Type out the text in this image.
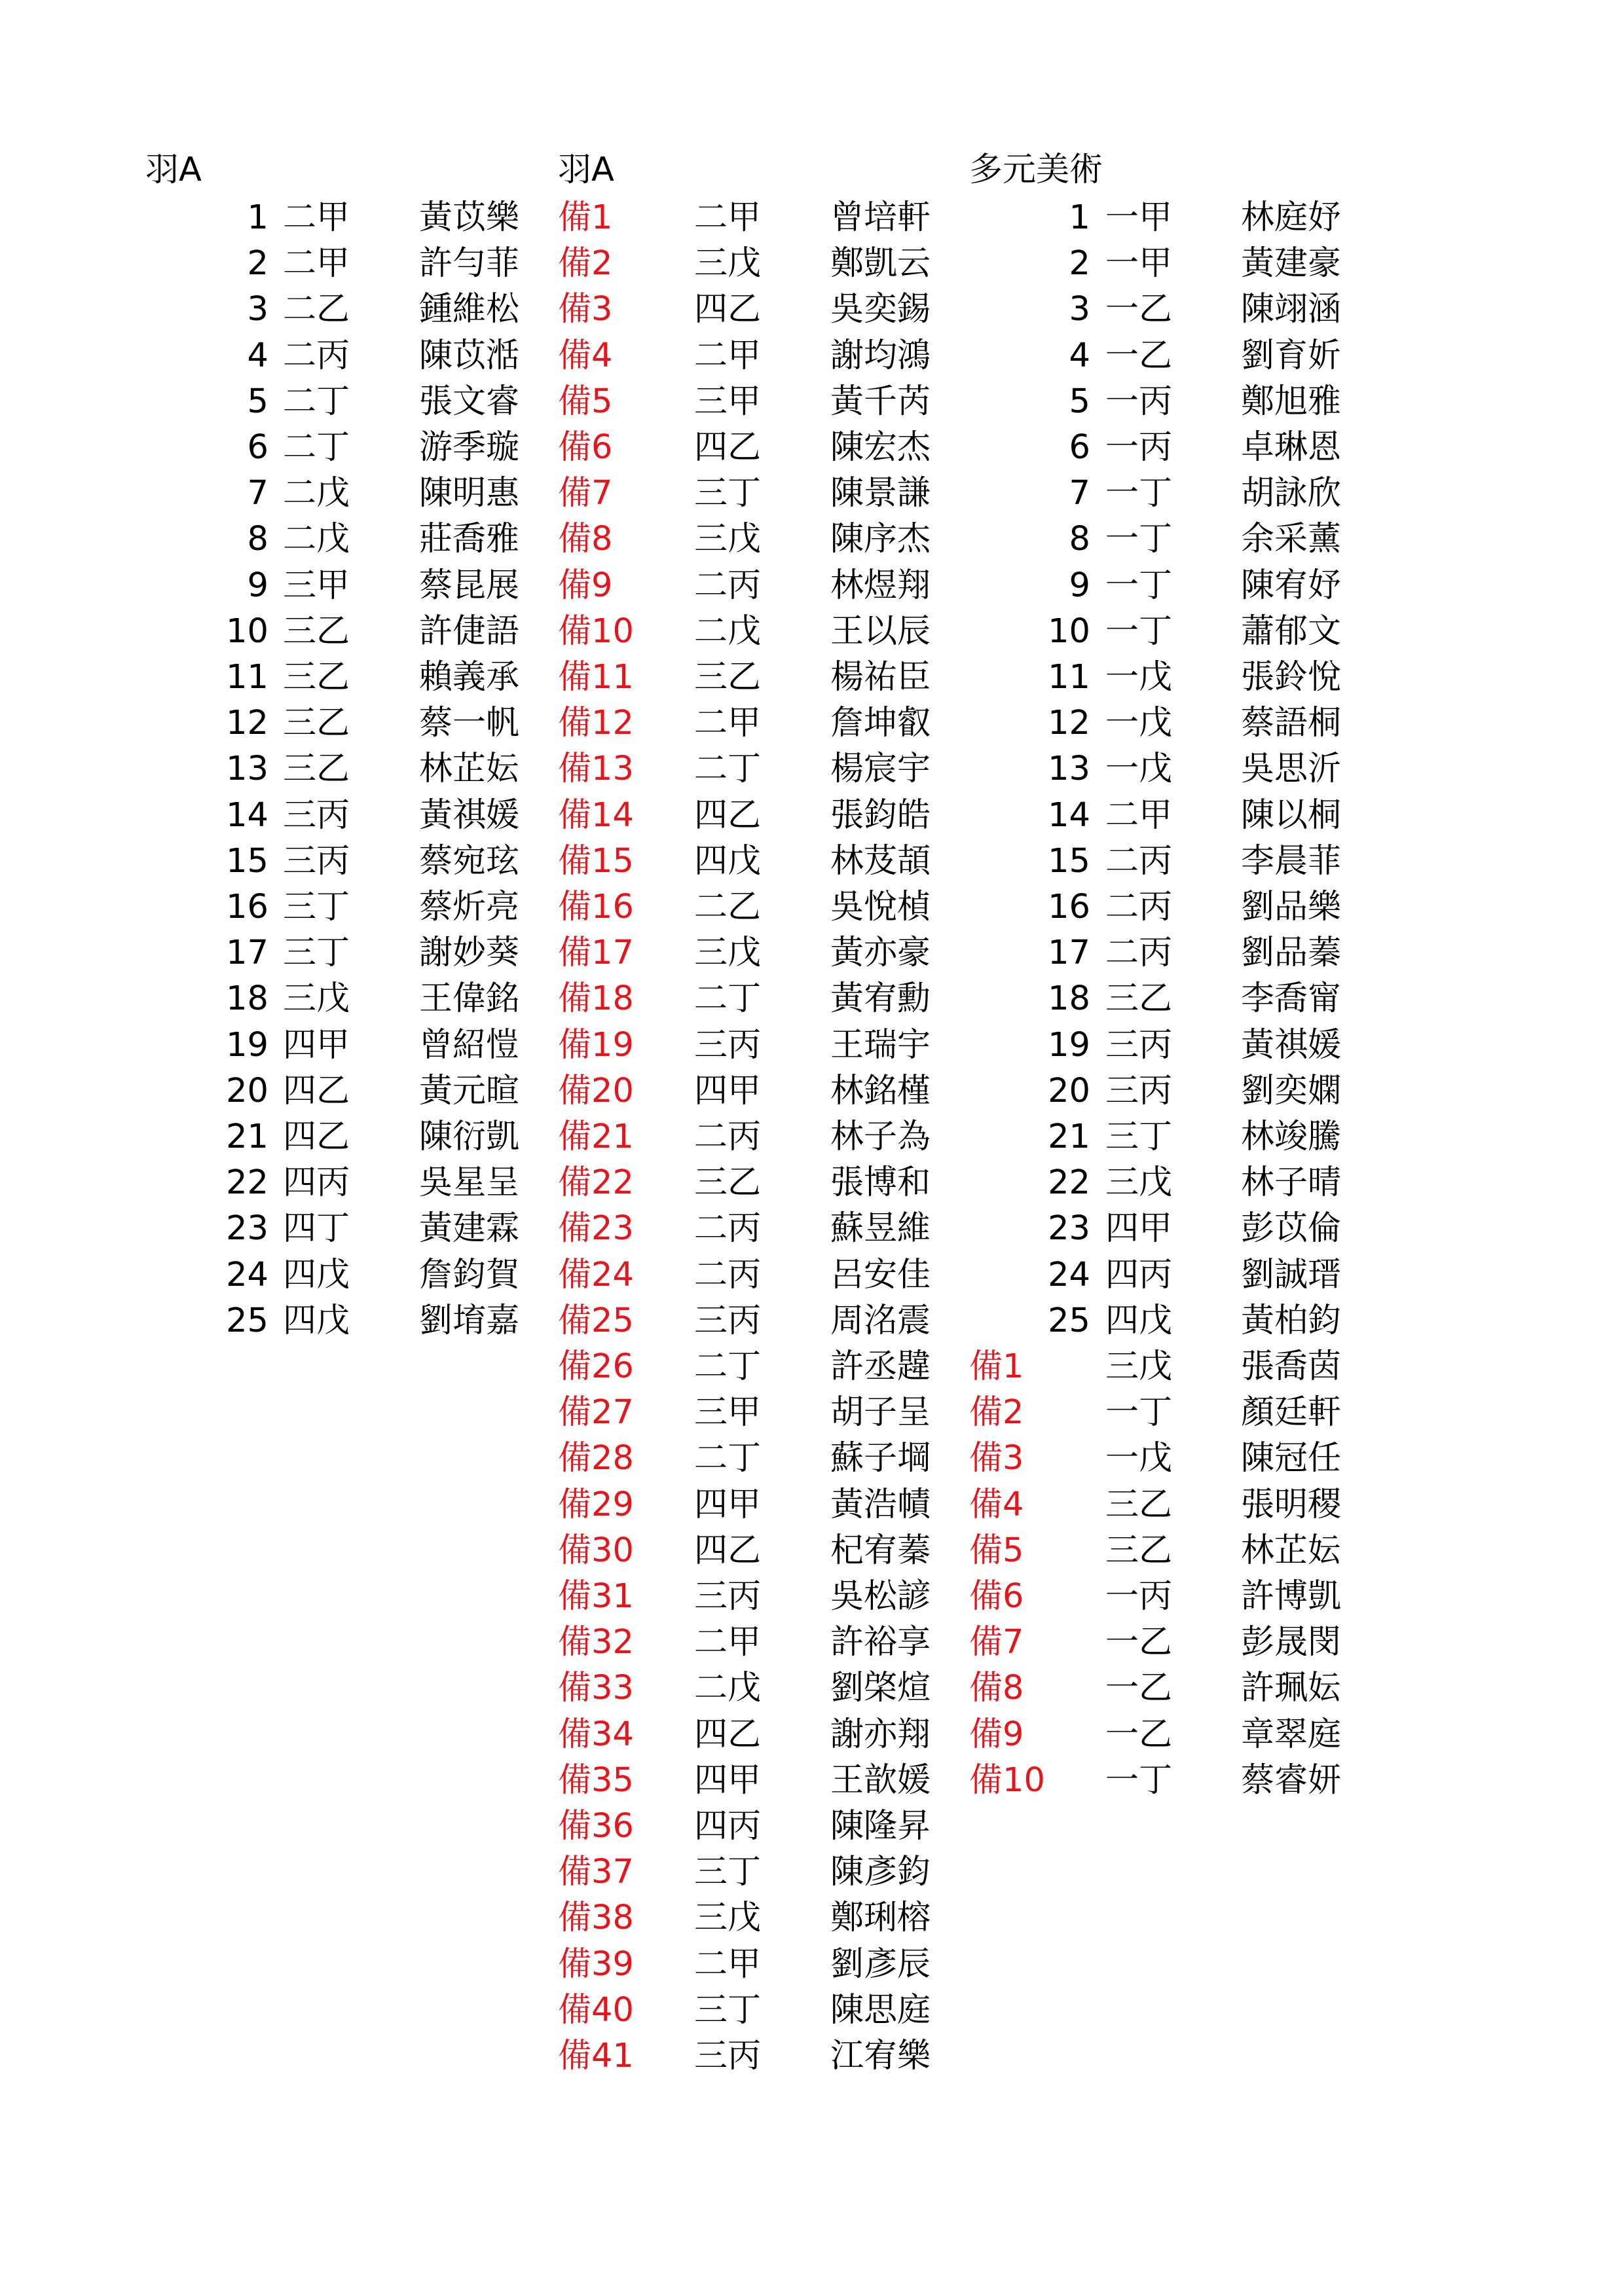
羽A	羽A	多元美術
1 二甲 黃苡樂
2 二甲 許勻菲
3 二乙 鍾維松
4 二丙 陳苡湉
5 二丁 張文睿
6 二丁 游季璇
7 二戊 陳明惠
8 二戊 莊喬雅
9 三甲 蔡昆展
10 三乙 許倢語
11 三乙 賴義承
12 三乙 蔡一帆
13 三乙 林芷妘
14 三丙 黃祺媛
15 三丙 蔡宛玹
16 三丁 蔡炘亮
17 三丁 謝妙葵
18 三戊 王偉銘
19 四甲 曾紹愷
20 四乙 黃元暄
21 四乙 陳衍凱
22 四丙 吳星呈
23 四丁 黃建霖
24 四戊 詹鈞賀
25 四戊 劉堉嘉
備1 二甲 曾培軒
備2 三戊 鄭凱云
備3 四乙 吳奕錫
備4 二甲 謝均鴻
備5 三甲 黃千芮
備6 四乙 陳宏杰
備7 三丁 陳景謙
備8 三戊 陳序杰
備9 二丙 林煜翔
備10 二戊 王以辰
備11 三乙 楊祐臣
備12 二甲 詹坤叡
備13 二丁 楊宸宇
備14 四乙 張鈞皓
備15 四戊 林芨頡
備16 二乙 吳悅楨
備17 三戊 黃亦豪
備18 二丁 黃宥勳
備19 三丙 王瑞宇
備20 四甲 林銘槿
備21 二丙 林子為
備22 三乙 張博和
備23 二丙 蘇昱維
備24 二丙 呂安佳
備25 三丙 周洺震
備26 二丁 許丞韙
備27 三甲 胡子呈
備28 二丁 蘇子堈
備29 四甲 黃浩幘
備30 四乙 杞宥蓁
備31 三丙 吳松諺
備32 二甲 許裕享
備33 二戊 劉棨煊
備34 四乙 謝亦翔
備35 四甲 王歆媛
備36 四丙 陳隆昇
備37 三丁 陳彥鈞
備38 三戊 鄭琍榕
備39 二甲 劉彥辰
備40 三丁 陳思庭
備41 三丙 江宥樂
1 一甲 林庭妤
2 一甲 黃建豪
3 一乙 陳翊涵
4 一乙 劉育妡
5 一丙 鄭旭雅
6 一丙 卓琳恩
7 一丁 胡詠欣
8 一丁 余采薰
9 一丁 陳宥妤
10 一丁 蕭郁文
11 一戊 張鈴悅
12 一戊 蔡語桐
13 一戊 吳思沂
14 二甲 陳以桐
15 二丙 李晨菲
16 二丙 劉品樂
17 二丙 劉品蓁
18 三乙 李喬甯
19 三丙 黃祺媛
20 三丙 劉奕嫻
21 三丁 林竣騰
22 三戊 林子晴
23 四甲 彭苡倫
24 四丙 劉誠瑨
25 四戊 黃柏鈞
備1 三戊 張喬茵
備2 一丁 顏廷軒
備3 一戊 陳冠任
備4 三乙 張明稷
備5 三乙 林芷妘
備6 一丙 許博凱
備7 一乙 彭晟閔
備8 一乙 許珮妘
備9 一乙 章翠庭
備10 一丁 蔡睿妍
